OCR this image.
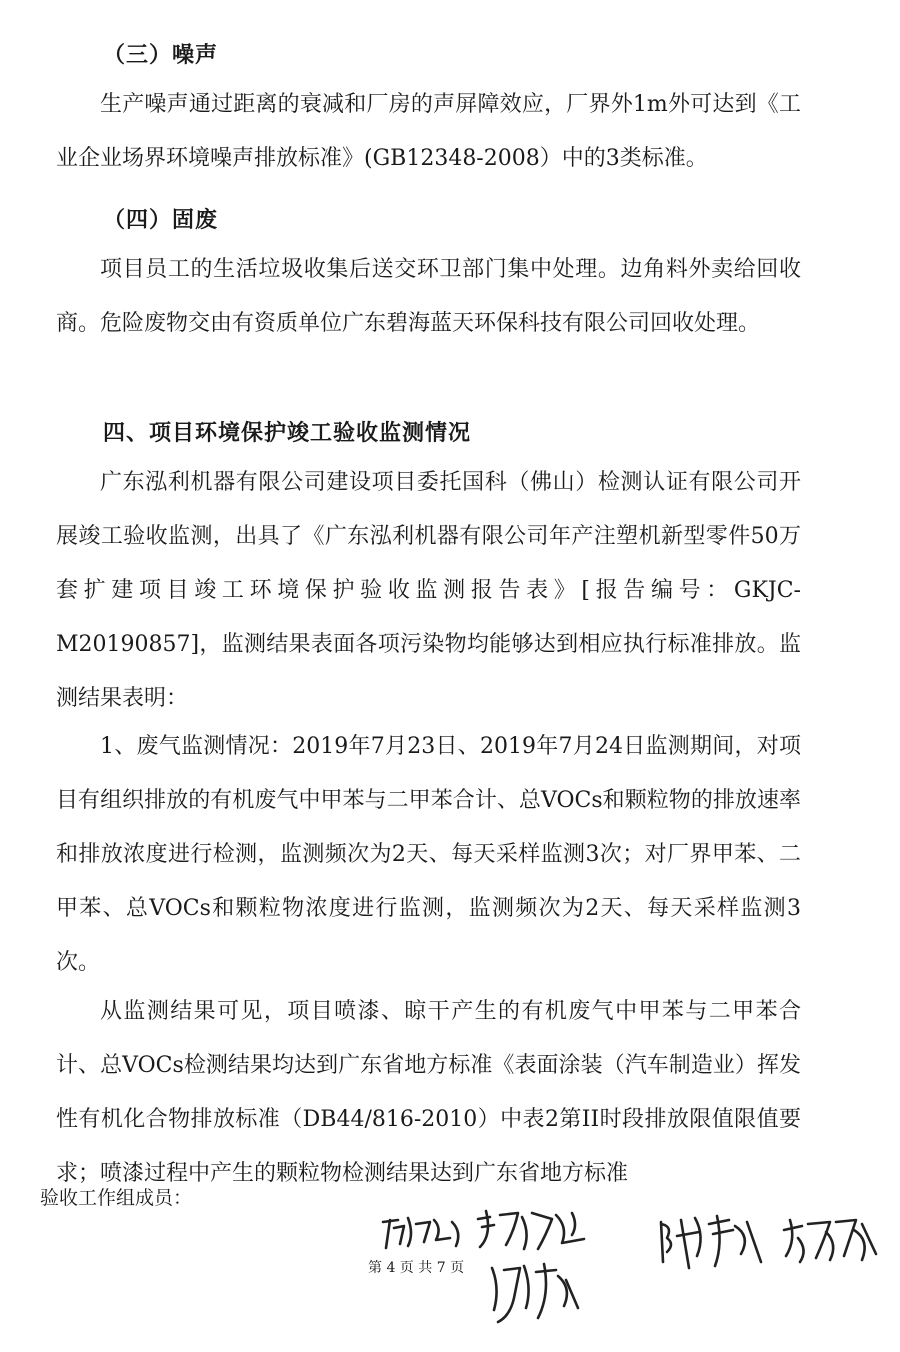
（三）噪声
生产噪声通过距离的衰减和厂房的声屏障效应，厂界外1m外可达到《工业企业场界环境噪声排放标准》(GB12348-2008）中的3类标准。
（四）固废
项目员工的生活垃圾收集后送交环卫部门集中处理。边角料外卖给回收商。危险废物交由有资质单位广东碧海蓝天环保科技有限公司回收处理。
四、项目环境保护竣工验收监测情况
广东泓利机器有限公司建设项目委托国科（佛山）检测认证有限公司开展竣工验收监测，出具了《广东泓利机器有限公司年产注塑机新型零件50万套扩建项目竣工环境保护验收监测报告表》[报告编号：GKJC-M20190857]，监测结果表面各项污染物均能够达到相应执行标准排放。监测结果表明：
1、废气监测情况：2019年7月23日、2019年7月24日监测期间，对项目有组织排放的有机废气中甲苯与二甲苯合计、总VOCs和颗粒物的排放速率和排放浓度进行检测，监测频次为2天、每天采样监测3次；对厂界甲苯、二甲苯、总VOCs和颗粒物浓度进行监测，监测频次为2天、每天采样监测3次。
从监测结果可见，项目喷漆、晾干产生的有机废气中甲苯与二甲苯合计、总VOCs检测结果均达到广东省地方标准《表面涂装（汽车制造业）挥发性有机化合物排放标准（DB44/816-2010）中表2第II时段排放限值限值要求；喷漆过程中产生的颗粒物检测结果达到广东省地方标准
验收工作组成员：
第 4 页 共 7 页
